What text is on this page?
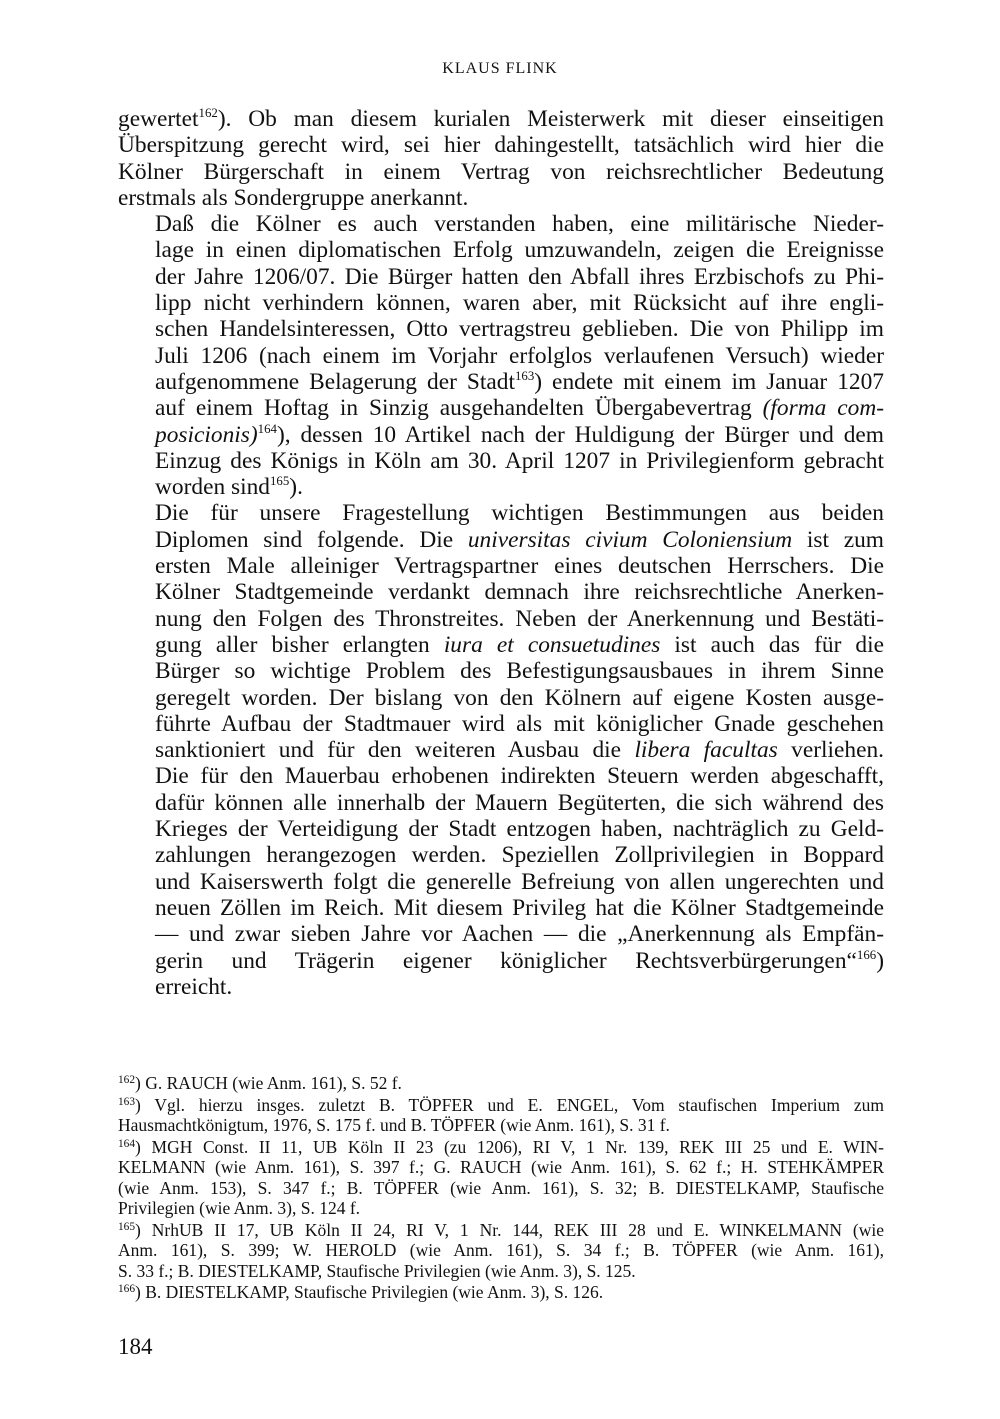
KLAUS FLINK

gewertet$^{162}$). Ob man diesem kurialen Meisterwerk mit dieser einseitigen
Überspitzung gerecht wird, sei hier dahingestellt, tatsächlich wird hier die
Kölner Bürgerschaft in einem Vertrag von reichsrechtlicher Bedeutung
erstmals als Sondergruppe anerkannt.

Daß die Kölner es auch verstanden haben, eine militärische Nieder-
lage in einen diplomatischen Erfolg umzuwandeln, zeigen die Ereignisse
der Jahre 1206/07. Die Bürger hatten den Abfall ihres Erzbischofs zu Phi-
lipp nicht verhindern können, waren aber, mit Rücksicht auf ihre engli-
schen Handelsinteressen, Otto vertragstreu geblieben. Die von Philipp im
Juli 1206 (nach einem im Vorjahr erfolglos verlaufenen Versuch) wieder
aufgenommene Belagerung der Stadt$^{163}$) endete mit einem im Januar 1207
auf einem Hoftag in Sinzig ausgehandelten Übergabevertrag (forma com-
posicionis)$^{164}$), dessen 10 Artikel nach der Huldigung der Bürger und dem
Einzug des Königs in Köln am 30. April 1207 in Privilegienform gebracht
worden sind$^{165}$).

Die für unsere Fragestellung wichtigen Bestimmungen aus beiden
Diplomen sind folgende. Die universitas civium Coloniensium ist zum
ersten Male alleiniger Vertragspartner eines deutschen Herrschers. Die
Kölner Stadtgemeinde verdankt demnach ihre reichsrechtliche Anerken-
nung den Folgen des Thronstreites. Neben der Anerkennung und Bestäti-
gung aller bisher erlangten iura et consuetudines ist auch das für die
Bürger so wichtige Problem des Befestigungsausbaues in ihrem Sinne
geregelt worden. Der bislang von den Kölnern auf eigene Kosten ausge-
führte Aufbau der Stadtmauer wird als mit königlicher Gnade geschehen
sanktioniert und für den weiteren Ausbau die libera facultas verliehen.
Die für den Mauerbau erhobenen indirekten Steuern werden abgeschafft,
dafür können alle innerhalb der Mauern Begüterten, die sich während des
Krieges der Verteidigung der Stadt entzogen haben, nachträglich zu Geld-
zahlungen herangezogen werden. Speziellen Zollprivilegien in Boppard
und Kaiserswerth folgt die generelle Befreiung von allen ungerechten und
neuen Zöllen im Reich. Mit diesem Privileg hat die Kölner Stadtgemeinde
— und zwar sieben Jahre vor Aachen — die „Anerkennung als Empfän-
gerin und Trägerin eigener königlicher Rechtsverbürgerungen“$^{166}$)
erreicht.

$^{162}$) G. RAUCH (wie Anm. 161), S. 52 f.

$^{163}$) Vgl. hierzu insges. zuletzt B. TÖPFER und E. ENGEL, Vom staufischen Imperium zum
Hausmachtkönigtum, 1976, S. 175 f. und B. TÖPFER (wie Anm. 161), S. 31 f.

$^{164}$) MGH Const. II 11, UB Köln II 23 (zu 1206), RI V, 1 Nr. 139, REK III 25 und E. WIN-
KELMANN (wie Anm. 161), S. 397 f.; G. RAUCH (wie Anm. 161), S. 62 f.; H. STEHKÄMPER
(wie Anm. 153), S. 347 f.; B. TÖPFER (wie Anm. 161), S. 32; B. DIESTELKAMP, Staufische
Privilegien (wie Anm. 3), S. 124 f.

$^{165}$) NrhUB II 17, UB Köln II 24, RI V, 1 Nr. 144, REK III 28 und E. WINKELMANN (wie
Anm. 161), S. 399; W. HEROLD (wie Anm. 161), S. 34 f.; B. TÖPFER (wie Anm. 161),
S. 33 f.; B. DIESTELKAMP, Staufische Privilegien (wie Anm. 3), S. 125.

$^{166}$) B. DIESTELKAMP, Staufische Privilegien (wie Anm. 3), S. 126.

184
